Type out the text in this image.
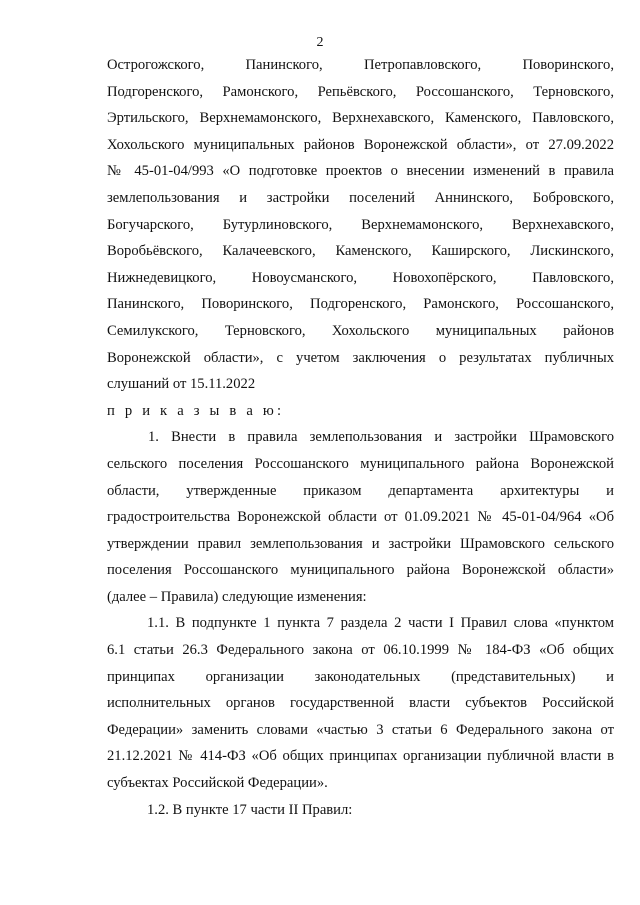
2
Острогожского, Панинского, Петропавловского, Поворинского,
Подгоренского, Рамонского, Репьёвского, Россошанского, Терновского,
Эртильского, Верхнемамонского, Верхнехавского, Каменского, Павловского,
Хохольского муниципальных районов Воронежской области», от 27.09.2022
№ 45-01-04/993 «О подготовке проектов о внесении изменений в правила
землепользования и застройки поселений Аннинского, Бобровского,
Богучарского, Бутурлиновского, Верхнемамонского, Верхнехавского,
Воробьёвского, Калачеевского, Каменского, Каширского, Лискинского,
Нижнедевицкого, Новоусманского, Новохопёрского, Павловского,
Панинского, Поворинского, Подгоренского, Рамонского, Россошанского,
Семилукского, Терновского, Хохольского муниципальных районов
Воронежской области», с учетом заключения о результатах публичных
слушаний от 15.11.2022
п р и к а з ы в а ю:
1. Внести в правила землепользования и застройки Шрамовского
сельского поселения Россошанского муниципального района Воронежской
области, утвержденные приказом департамента архитектуры и
градостроительства Воронежской области от 01.09.2021 № 45-01-04/964 «Об
утверждении правил землепользования и застройки Шрамовского сельского
поселения Россошанского муниципального района Воронежской области»
(далее – Правила) следующие изменения:
1.1. В подпункте 1 пункта 7 раздела 2 части I Правил слова «пунктом
6.1 статьи 26.3 Федерального закона от 06.10.1999 № 184-ФЗ «Об общих
принципах организации законодательных (представительных) и
исполнительных органов государственной власти субъектов Российской
Федерации» заменить словами «частью 3 статьи 6 Федерального закона от
21.12.2021 № 414-ФЗ «Об общих принципах организации публичной власти в
субъектах Российской Федерации».
1.2. В пункте 17 части II Правил:
